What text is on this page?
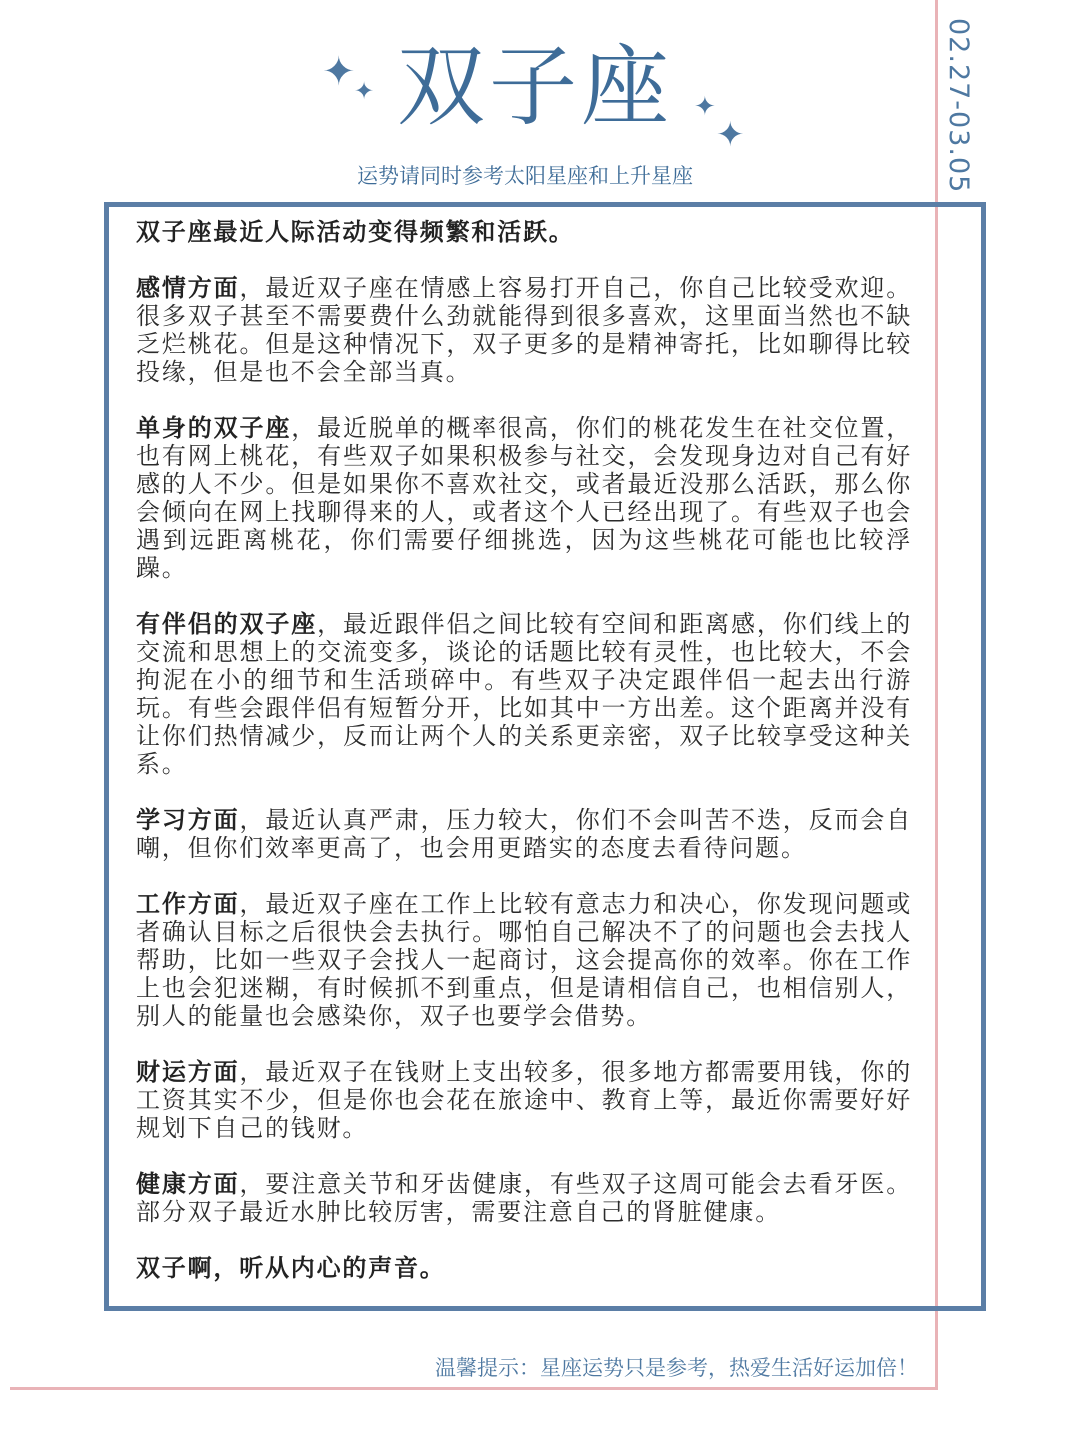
02.27-03.05
✦
✦
✦
✦
双子座
运势请同时参考太阳星座和上升星座

双子座最近人际活动变得频繁和活跃。

感情方面，最近双子座在情感上容易打开自己，你自己比较受欢迎。很多双子甚至不需要费什么劲就能得到很多喜欢，这里面当然也不缺乏烂桃花。但是这种情况下，双子更多的是精神寄托，比如聊得比较投缘，但是也不会全部当真。

单身的双子座，最近脱单的概率很高，你们的桃花发生在社交位置，也有网上桃花，有些双子如果积极参与社交，会发现身边对自己有好感的人不少。但是如果你不喜欢社交，或者最近没那么活跃，那么你会倾向在网上找聊得来的人，或者这个人已经出现了。有些双子也会遇到远距离桃花，你们需要仔细挑选，因为这些桃花可能也比较浮躁。

有伴侣的双子座，最近跟伴侣之间比较有空间和距离感，你们线上的交流和思想上的交流变多，谈论的话题比较有灵性，也比较大，不会拘泥在小的细节和生活琐碎中。有些双子决定跟伴侣一起去出行游玩。有些会跟伴侣有短暂分开，比如其中一方出差。这个距离并没有让你们热情减少，反而让两个人的关系更亲密，双子比较享受这种关系。

学习方面，最近认真严肃，压力较大，你们不会叫苦不迭，反而会自嘲，但你们效率更高了，也会用更踏实的态度去看待问题。

工作方面，最近双子座在工作上比较有意志力和决心，你发现问题或者确认目标之后很快会去执行。哪怕自己解决不了的问题也会去找人帮助，比如一些双子会找人一起商讨，这会提高你的效率。你在工作上也会犯迷糊，有时候抓不到重点，但是请相信自己，也相信别人，别人的能量也会感染你，双子也要学会借势。

财运方面，最近双子在钱财上支出较多，很多地方都需要用钱，你的工资其实不少，但是你也会花在旅途中、教育上等，最近你需要好好规划下自己的钱财。

健康方面，要注意关节和牙齿健康，有些双子这周可能会去看牙医。部分双子最近水肿比较厉害，需要注意自己的肾脏健康。

双子啊，听从内心的声音。

温馨提示：星座运势只是参考，热爱生活好运加倍！
